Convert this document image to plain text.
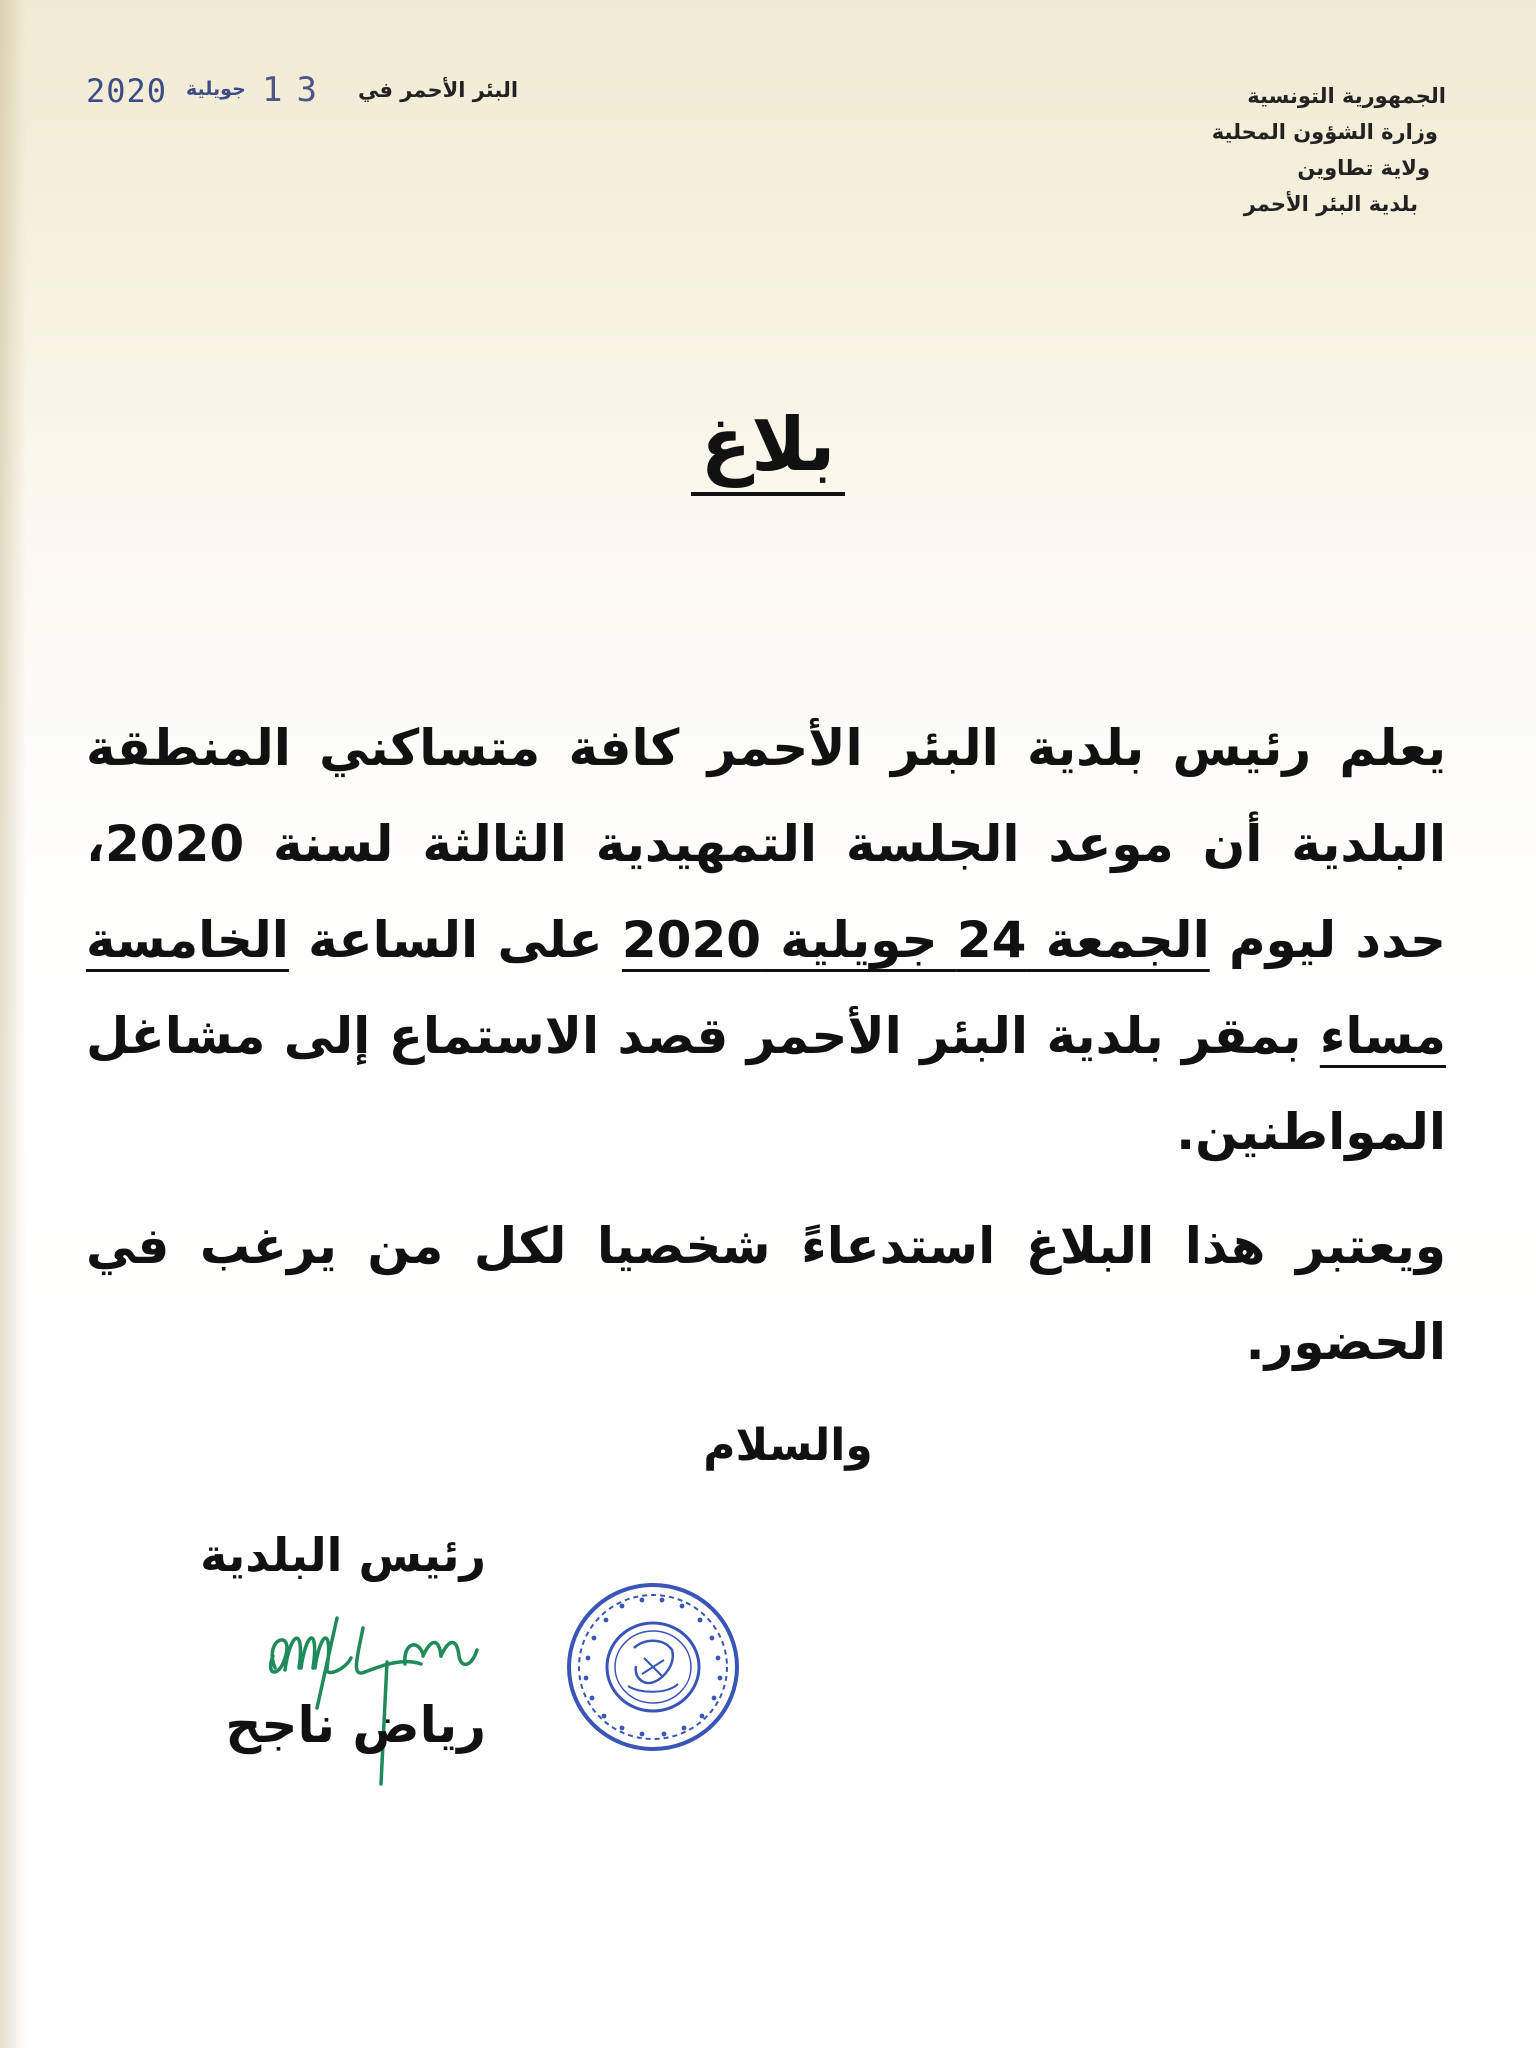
الجمهورية التونسية
وزارة الشؤون المحلية
ولاية تطاوين
بلدية البئر الأحمر
2020 جويلية 13 البئر الأحمر في
بلاغ

يعلم رئيس بلدية البئر الأحمر كافة متساكني المنطقة البلدية أن موعد الجلسة التمهيدية الثالثة لسنة 2020، حدد ليوم الجمعة 24 جويلية 2020 على الساعة الخامسة مساء بمقر بلدية البئر الأحمر قصد الاستماع إلى مشاغل المواطنين.

ويعتبر هذا البلاغ استدعاءً شخصيا لكل من يرغب في الحضور.

والسلام
رئيس البلدية
رياض ناجح
